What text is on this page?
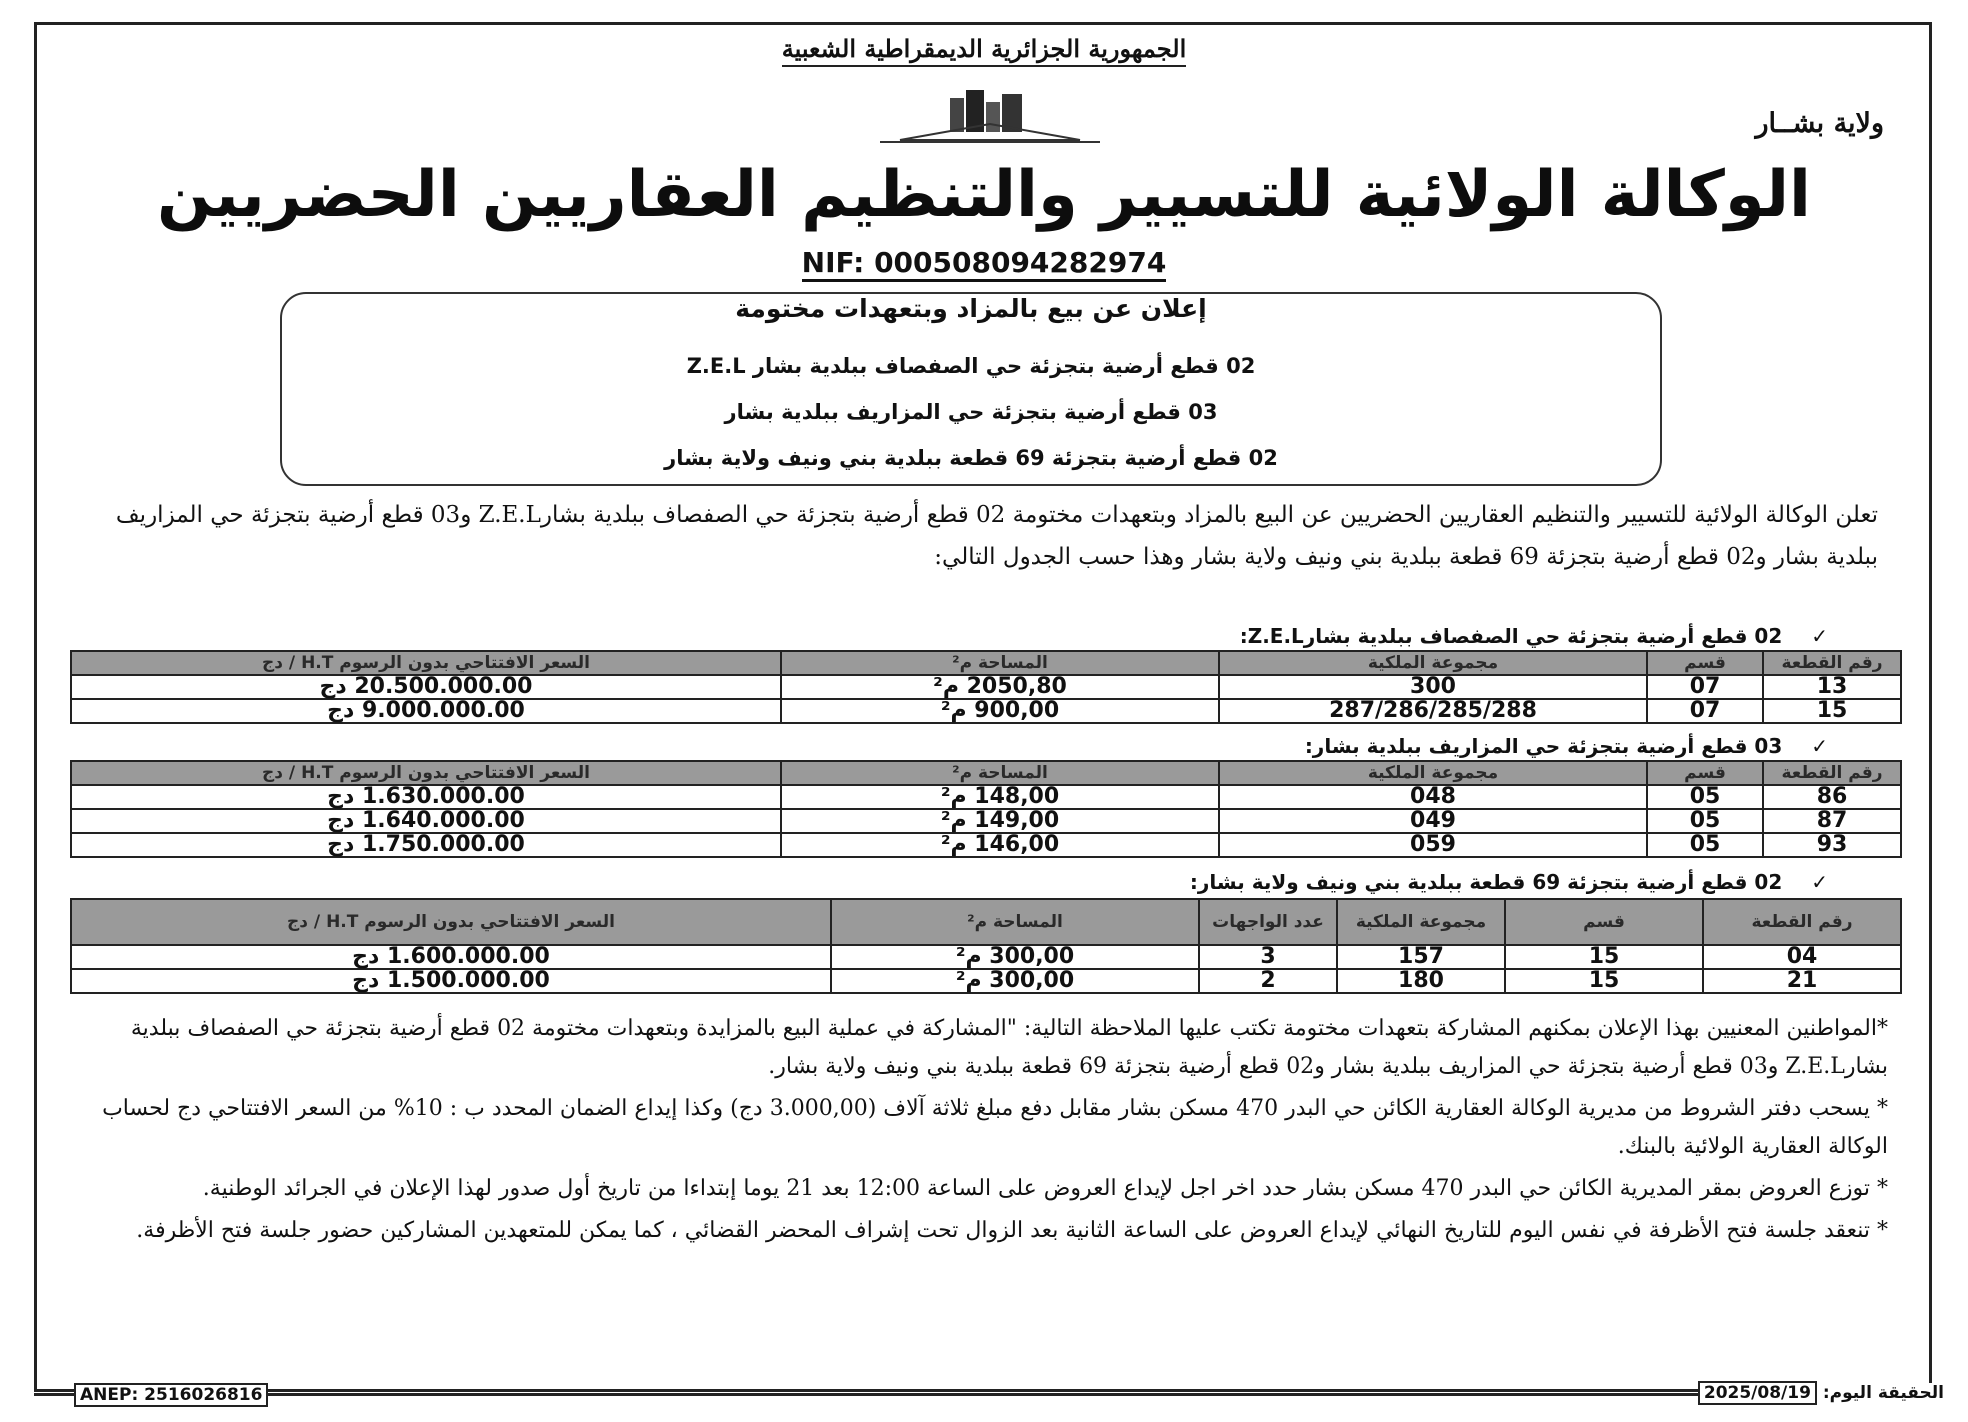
الجمهورية الجزائرية الديمقراطية الشعبية
ولاية بشــار
الوكالة الولائية للتسيير والتنظيم العقاريين الحضريين
NIF: 000508094282974
إعلان عن بيع بالمزاد وبتعهدات مختومة
02 قطع أرضية بتجزئة حي الصفصاف ببلدية بشار Z.E.L
03 قطع أرضية بتجزئة حي المزاريف ببلدية بشار
02 قطع أرضية بتجزئة 69 قطعة ببلدية بني ونيف ولاية بشار
تعلن الوكالة الولائية للتسيير والتنظيم العقاريين الحضريين عن البيع بالمزاد وبتعهدات مختومة 02 قطع أرضية بتجزئة حي الصفصاف ببلدية بشارZ.E.L و03 قطع أرضية بتجزئة حي المزاريف ببلدية بشار و02 قطع أرضية بتجزئة 69 قطعة ببلدية بني ونيف ولاية بشار وهذا حسب الجدول التالي:
✓ 02 قطع أرضية بتجزئة حي الصفصاف ببلدية بشارZ.E.L:
رقم القطعة	قسم	مجموعة الملكية	المساحة م²	السعر الافتتاحي بدون الرسوم H.T / دج
13	07	300	2050,80 م²	20.500.000.00 دج
15	07	287/286/285/288	900,00 م²	9.000.000.00 دج
✓ 03 قطع أرضية بتجزئة حي المزاريف ببلدية بشار:
رقم القطعة	قسم	مجموعة الملكية	المساحة م²	السعر الافتتاحي بدون الرسوم H.T / دج
86	05	048	148,00 م²	1.630.000.00 دج
87	05	049	149,00 م²	1.640.000.00 دج
93	05	059	146,00 م²	1.750.000.00 دج
✓ 02 قطع أرضية بتجزئة 69 قطعة ببلدية بني ونيف ولاية بشار:
رقم القطعة	قسم	مجموعة الملكية	عدد الواجهات	المساحة م²	السعر الافتتاحي بدون الرسوم H.T / دج
04	15	157	3	300,00 م²	1.600.000.00 دج
21	15	180	2	300,00 م²	1.500.000.00 دج

*المواطنين المعنيين بهذا الإعلان بمكنهم المشاركة بتعهدات مختومة تكتب عليها الملاحظة التالية: "المشاركة في عملية البيع بالمزايدة وبتعهدات مختومة 02 قطع أرضية بتجزئة حي الصفصاف ببلدية بشارZ.E.L و03 قطع أرضية بتجزئة حي المزاريف ببلدية بشار و02 قطع أرضية بتجزئة 69 قطعة ببلدية بني ونيف ولاية بشار.

* يسحب دفتر الشروط من مديرية الوكالة العقارية الكائن حي البدر 470 مسكن بشار مقابل دفع مبلغ ثلاثة آلاف (3.000,00 دج) وكذا إيداع الضمان المحدد ب : 10% من السعر الافتتاحي دج لحساب الوكالة العقارية الولائية بالبنك.

* توزع العروض بمقر المديرية الكائن حي البدر 470 مسكن بشار حدد اخر اجل لإيداع العروض على الساعة 12:00 بعد 21 يوما إبتداءا من تاريخ أول صدور لهذا الإعلان في الجرائد الوطنية.

* تنعقد جلسة فتح الأظرفة في نفس اليوم للتاريخ النهائي لإيداع العروض على الساعة الثانية بعد الزوال تحت إشراف المحضر القضائي ، كما يمكن للمتعهدين المشاركين حضور جلسة فتح الأظرفة.

ANEP: 2516026816	الحقيقة اليوم: 2025/08/19
